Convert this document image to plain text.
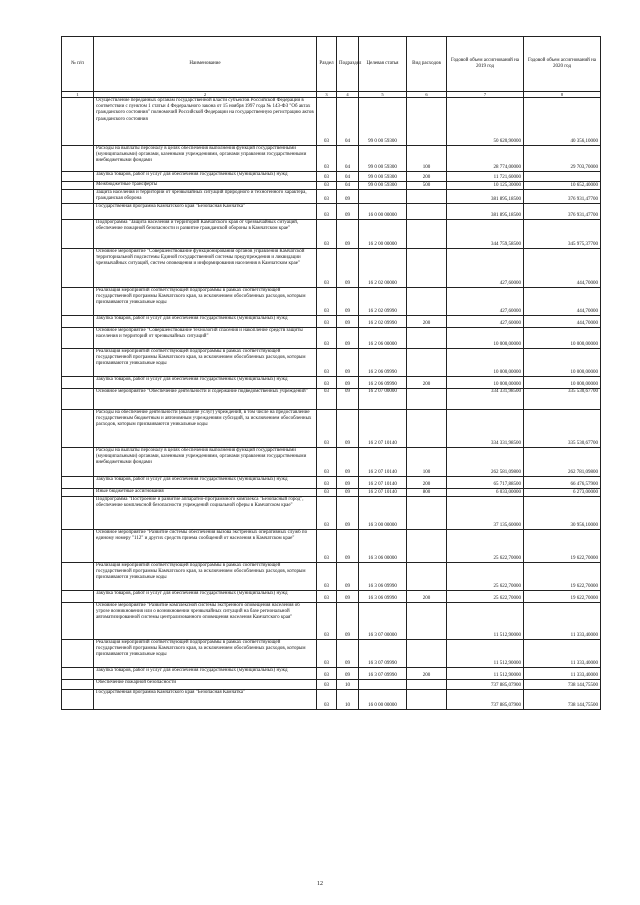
№ п/п	Наименование	Раздел	Подраздел	Целевая статья	Вид расходов	Годовой объем ассигнований на 2019 год	Годовой объем ассигнований на 2020 год
1	2	3	4	5	6	7	8
	Осуществление переданных органам государственной власти субъектов Российской Федерации в соответствии с пунктом 1 статьи 4 Федерального закона от 15 ноября 1997 года № 143-ФЗ "Об актах гражданского состояния" полномочий Российской Федерации на государственную регистрацию актов гражданского состояния	03	04	99 0 00 59300		50 620,90000	40 356,10000
	Расходы на выплаты персоналу в целях обеспечения выполнения функций государственными (муниципальными) органами, казенными учреждениями, органами управления государственными внебюджетными фондами	03	04	99 0 00 59300	100	28 774,00000	29 703,70000
	Закупка товаров, работ и услуг для обеспечения государственных (муниципальных) нужд	03	04	99 0 00 59300	200	11 721,60000	
	Межбюджетные трансферты	03	04	99 0 00 59300	500	10 125,30000	10 652,40000
	Защита населения и территории от чрезвычайных ситуаций природного и техногенного характера, гражданская оборона	03	09			381 895,18500	376 931,47700
	Государственная программа Камчатского края "Безопасная Камчатка"	03	09	16 0 00 00000		381 895,18500	376 931,47700
	Подпрограмма "Защита населения и территорий Камчатского края от чрезвычайных ситуаций, обеспечение пожарной безопасности и развитие гражданской обороны в Камчатском крае"	03	09	16 2 00 00000		344 759,58500	345 975,37700
	Основное мероприятие "Совершенствование функционирования органов управления Камчатской территориальной подсистемы Единой государственной системы предупреждения и ликвидации чрезвычайных ситуаций, систем оповещения и информирования населения в Камчатском крае"	03	09	16 2 02 00000		427,60000	444,70000
	Реализация мероприятий соответствующей подпрограммы в рамках соответствующей государственной программы Камчатского края, за исключением обособленных расходов, которым присваиваются уникальные коды	03	09	16 2 02 09990		427,60000	444,70000
	Закупка товаров, работ и услуг для обеспечения государственных (муниципальных) нужд	03	09	16 2 02 09990	200	427,60000	444,70000
	Основное мероприятие "Совершенствование технологий спасения и накопление средств защиты населения и территорий от чрезвычайных ситуаций"	03	09	16 2 06 00000		10 000,00000	10 000,00000
	Реализация мероприятий соответствующей подпрограммы в рамках соответствующей государственной программы Камчатского края, за исключением обособленных расходов, которым присваиваются уникальные коды	03	09	16 2 06 09990		10 000,00000	10 000,00000
	Закупка товаров, работ и услуг для обеспечения государственных (муниципальных) нужд	03	09	16 2 06 09990	200	10 000,00000	10 000,00000
	Основное мероприятие "Обеспечение деятельности и содержание подведомственных учреждений"	03	09	16 2 07 00000		334 331,98500	335 530,67700
	Расходы на обеспечение деятельности (оказание услуг) учреждений, в том числе на предоставление государственным бюджетным и автономным учреждениям субсидий, за исключением обособленных расходов, которым присваиваются уникальные коды	03	09	16 2 07 10140		334 331,98500	335 530,67700
	Расходы на выплаты персоналу в целях обеспечения выполнения функций государственными (муниципальными) органами, казенными учреждениями, органами управления государственными внебюджетными фондами	03	09	16 2 07 10140	100	262 581,09800	262 781,09800
	Закупка товаров, работ и услуг для обеспечения государственных (муниципальных) нужд	03	09	16 2 07 10140	200	65 717,88500	66 476,57900
	Иные бюджетные ассигнования	03	09	16 2 07 10140	800	6 033,00000	6 273,00000
	Подпрограмма "Построение и развитие аппаратно-программного комплекса "Безопасный город", обеспечение комплексной безопасности учреждений социальной сферы в Камчатском крае"	03	09	16 3 00 00000		37 135,60000	30 956,10000
	Основное мероприятие "Развитие системы обеспечения вызова экстренных оперативных служб по единому номеру "112" и других средств приема сообщений от населения в Камчатском крае"	03	09	16 3 06 00000		25 622,70000	19 622,70000
	Реализация мероприятий соответствующей подпрограммы в рамках соответствующей государственной программы Камчатского края, за исключением обособленных расходов, которым присваиваются уникальные коды	03	09	16 3 06 09990		25 622,70000	19 622,70000
	Закупка товаров, работ и услуг для обеспечения государственных (муниципальных) нужд	03	09	16 3 06 09990	200	25 622,70000	19 622,70000
	Основное мероприятие "Развитие комплексной системы экстренного оповещения населения об угрозе возникновения или о возникновении чрезвычайных ситуаций на базе региональной автоматизированной системы централизованного оповещения населения Камчатского края"	03	09	16 3 07 00000		11 512,90000	11 333,40000
	Реализация мероприятий соответствующей подпрограммы в рамках соответствующей государственной программы Камчатского края, за исключением обособленных расходов, которым присваиваются уникальные коды	03	09	16 3 07 09990		11 512,90000	11 333,40000
	Закупка товаров, работ и услуг для обеспечения государственных (муниципальных) нужд	03	09	16 3 07 09990	200	11 512,90000	11 333,40000
	Обеспечение пожарной безопасности	03	10			737 885,07900	738 144,75500
	Государственная программа Камчатского края "Безопасная Камчатка"	03	10	16 0 00 00000		737 885,07900	738 144,75500
12
